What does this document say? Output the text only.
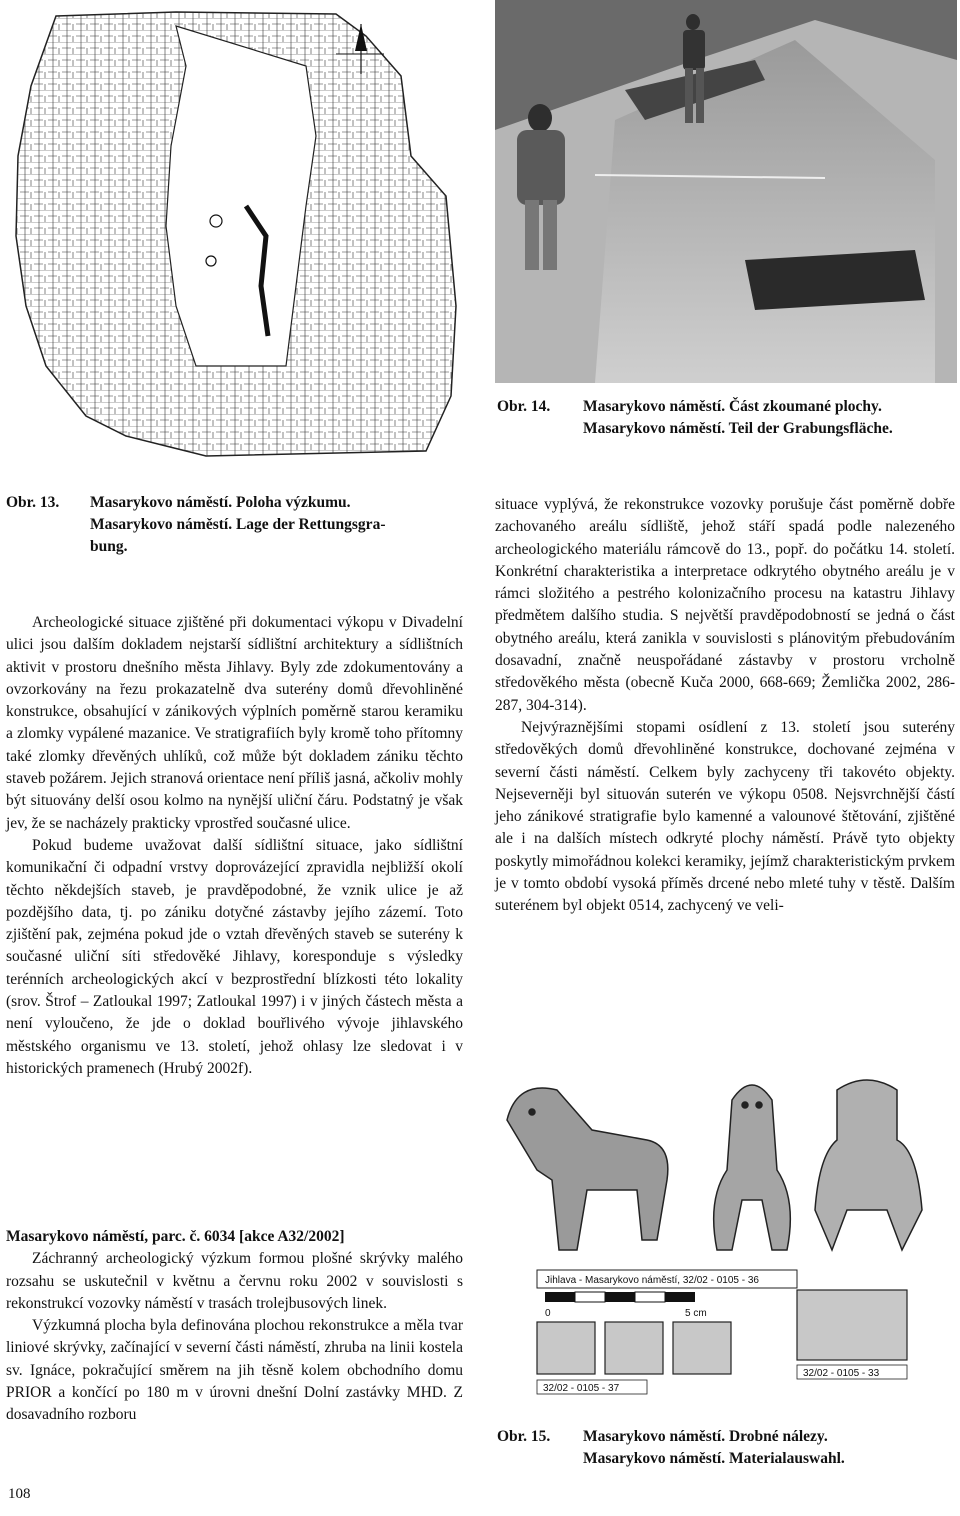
Obr. 14. Masarykovo náměstí. Část zkoumané plochy.
Masarykovo náměstí. Teil der Grabungsfläche.
Obr. 13. Masarykovo náměstí. Poloha výzkumu.
Masarykovo náměstí. Lage der Rettungsgra-
bung.

Archeologické situace zjištěné při dokumentaci výkopu v Divadelní ulici jsou dalším dokladem nejstarší sídlištní architektury a sídlištních aktivit v prostoru dnešního města Jihlavy. Byly zde zdokumentovány a ovzorkovány na řezu prokazatelně dva suterény domů dřevohliněné konstrukce, obsahující v zánikových výplních poměrně starou keramiku a zlomky vypálené mazanice. Ve stratigrafiích byly kromě toho přítomny také zlomky dřevěných uhlíků, což může být dokladem zániku těchto staveb požárem. Jejich stranová orientace není příliš jasná, ačkoliv mohly být situovány delší osou kolmo na nynější uliční čáru. Podstatný je však jev, že se nacházely prakticky vprostřed současné ulice.

Pokud budeme uvažovat další sídlištní situace, jako sídlištní komunikační či odpadní vrstvy doprovázející zpravidla nejbližší okolí těchto někdejších staveb, je pravděpodobné, že vznik ulice je až pozdějšího data, tj. po zániku dotyčné zástavby jejího zázemí. Toto zjištění pak, zejména pokud jde o vztah dřevěných staveb se suterény k současné uliční síti středověké Jihlavy, koresponduje s výsledky terénních archeologických akcí v bezprostřední blízkosti této lokality (srov. Štrof – Zatloukal 1997; Zatloukal 1997) i v jiných částech města a není vyloučeno, že jde o doklad bouřlivého vývoje jihlavského městského organismu ve 13. století, jehož ohlasy lze sledovat i v historických pramenech (Hrubý 2002f).

Masarykovo náměstí, parc. č. 6034 [akce A32/2002]

Záchranný archeologický výzkum formou plošné skrývky malého rozsahu se uskutečnil v květnu a červnu roku 2002 v souvislosti s rekonstrukcí vozovky náměstí v trasách trolejbusových linek.

Výzkumná plocha byla definována plochou rekonstrukce a měla tvar liniové skrývky, začínající v severní části náměstí, zhruba na linii kostela sv. Ignáce, pokračující směrem na jih těsně kolem obchodního domu PRIOR a končící po 180 m v úrovni dnešní Dolní zastávky MHD. Z dosavadního rozboru

situace vyplývá, že rekonstrukce vozovky porušuje část poměrně dobře zachovaného areálu sídliště, jehož stáří spadá podle nalezeného archeologického materiálu rámcově do 13., popř. do počátku 14. století. Konkrétní charakteristika a interpretace odkrytého obytného areálu je v rámci složitého a pestrého kolonizačního procesu na katastru Jihlavy předmětem dalšího studia. S největší pravděpodobností se jedná o část obytného areálu, která zanikla v souvislosti s plánovitým přebudováním dosavadní, značně neuspořádané zástavby v prostoru vrcholně středověkého města (obecně Kuča 2000, 668-669; Žemlička 2002, 286-287, 304-314).

Nejvýraznějšími stopami osídlení z 13. století jsou suterény středověkých domů dřevohliněné konstrukce, dochované zejména v severní části náměstí. Celkem byly zachyceny tři takovéto objekty. Nejseverněji byl situován suterén ve výkopu 0508. Nejsvrchnější částí jeho zánikové stratigrafie bylo kamenné a valounové štětování, zjištěné ale i na dalších místech odkryté plochy náměstí. Právě tyto objekty poskytly mimořádnou kolekci keramiky, jejímž charakteristickým prvkem je v tomto období vysoká příměs drcené nebo mleté tuhy v těstě. Dalším suterénem byl objekt 0514, zachycený ve veli-

Jihlava - Masarykovo náměstí, 32/02 - 0105 - 36
0	5 cm
32/02 - 0105 - 33
32/02 - 0105 - 37
Obr. 15. Masarykovo náměstí. Drobné nálezy.
Masarykovo náměstí. Materialauswahl.
108
